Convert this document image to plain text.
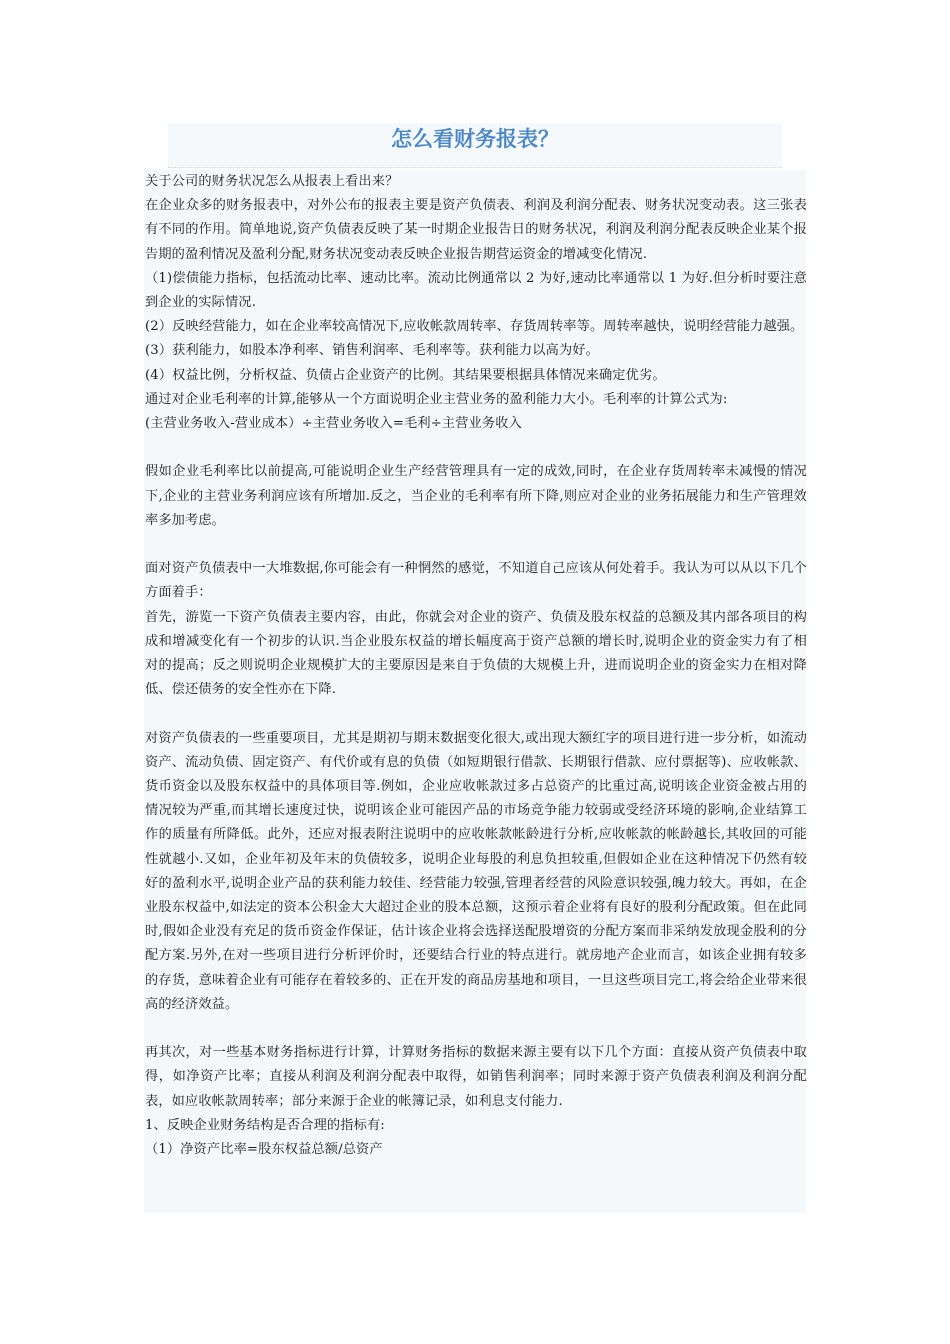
怎么看财务报表？

关于公司的财务状况怎么从报表上看出来？

在企业众多的财务报表中，对外公布的报表主要是资产负债表、利润及利润分配表、财务状况变动表。这三张表有不同的作用。简单地说,资产负债表反映了某一时期企业报告日的财务状况，利润及利润分配表反映企业某个报告期的盈利情况及盈利分配,财务状况变动表反映企业报告期营运资金的增减变化情况.

（1)偿债能力指标，包括流动比率、速动比率。流动比例通常以 2 为好,速动比率通常以 1 为好.但分析时要注意到企业的实际情况.

(2）反映经营能力，如在企业率较高情况下,应收帐款周转率、存货周转率等。周转率越快，说明经营能力越强。

(3）获利能力，如股本净利率、销售利润率、毛利率等。获利能力以高为好。

(4）权益比例，分析权益、负债占企业资产的比例。其结果要根据具体情况来确定优劣。

通过对企业毛利率的计算,能够从一个方面说明企业主营业务的盈利能力大小。毛利率的计算公式为:

(主营业务收入-营业成本）÷主营业务收入=毛利÷主营业务收入

假如企业毛利率比以前提高,可能说明企业生产经营管理具有一定的成效,同时，在企业存货周转率未减慢的情况下,企业的主营业务利润应该有所增加.反之，当企业的毛利率有所下降,则应对企业的业务拓展能力和生产管理效率多加考虑。

面对资产负债表中一大堆数据,你可能会有一种惘然的感觉，不知道自己应该从何处着手。我认为可以从以下几个方面着手：

首先，游览一下资产负债表主要内容，由此，你就会对企业的资产、负债及股东权益的总额及其内部各项目的构成和增减变化有一个初步的认识.当企业股东权益的增长幅度高于资产总额的增长时,说明企业的资金实力有了相对的提高；反之则说明企业规模扩大的主要原因是来自于负债的大规模上升，进而说明企业的资金实力在相对降低、偿还债务的安全性亦在下降.

对资产负债表的一些重要项目，尤其是期初与期末数据变化很大,或出现大额红字的项目进行进一步分析，如流动资产、流动负债、固定资产、有代价或有息的负债（如短期银行借款、长期银行借款、应付票据等)、应收帐款、货币资金以及股东权益中的具体项目等.例如，企业应收帐款过多占总资产的比重过高,说明该企业资金被占用的情况较为严重,而其增长速度过快，说明该企业可能因产品的市场竞争能力较弱或受经济环境的影响,企业结算工作的质量有所降低。此外，还应对报表附注说明中的应收帐款帐龄进行分析,应收帐款的帐龄越长,其收回的可能性就越小.又如，企业年初及年末的负债较多，说明企业每股的利息负担较重,但假如企业在这种情况下仍然有较好的盈利水平,说明企业产品的获利能力较佳、经营能力较强,管理者经营的风险意识较强,魄力较大。再如，在企业股东权益中,如法定的资本公积金大大超过企业的股本总额，这预示着企业将有良好的股利分配政策。但在此同时,假如企业没有充足的货币资金作保证，估计该企业将会选择送配股增资的分配方案而非采纳发放现金股利的分配方案.另外,在对一些项目进行分析评价时，还要结合行业的特点进行。就房地产企业而言，如该企业拥有较多的存货，意味着企业有可能存在着较多的、正在开发的商品房基地和项目，一旦这些项目完工,将会给企业带来很高的经济效益。

再其次，对一些基本财务指标进行计算，计算财务指标的数据来源主要有以下几个方面：直接从资产负债表中取得，如净资产比率；直接从利润及利润分配表中取得，如销售利润率；同时来源于资产负债表利润及利润分配表，如应收帐款周转率；部分来源于企业的帐簿记录，如利息支付能力.

1、反映企业财务结构是否合理的指标有:

（1）净资产比率=股东权益总额/总资产
